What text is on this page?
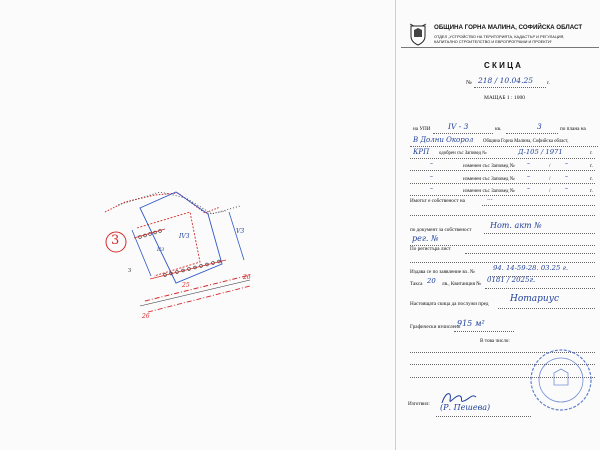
3	IV3
V3
II3
3
25
26
26
ОБЩИНА ГОРНА МАЛИНА, СОФИЙСКА ОБЛАСТ
ОТДЕЛ „УСТРОЙСТВО НА ТЕРИТОРИЯТА, КАДАСТЪР И РЕГУЛАЦИЯ,
КАПИТАЛНО СТРОИТЕЛСТВО И ЕВРОПРОГРАМИ И ПРОЕКТИ“
С К И Ц А
№ 218 / 10.04.25	г.
МАЩАБ 1 : 1000
на УПИ IV - 3	кв.	3	по плана на
В Долни Окорол Община Горна Малина, Софийска област,
КРП одобрен със Заповед №	Д-105 / 1971	г.
–	изменен със Заповед № –	/ –	г.
–	изменен със Заповед № –	/ –	г.
–	изменен със Заповед № –	/ –	г.
Имотът е собственост на	...
по документ за собственост Нот. акт №
рег. №
По регистъра лист
Издава се по заявление вх. №	94. 14-59-28. 03.25 г.
Такса 20 лв., Квитанция № 0181 / 2025г.
Настоящата скица да послужи пред Нотариус
Графически изчислено
915 м²
В това число:
Изготвил: (Р. Пешева)
